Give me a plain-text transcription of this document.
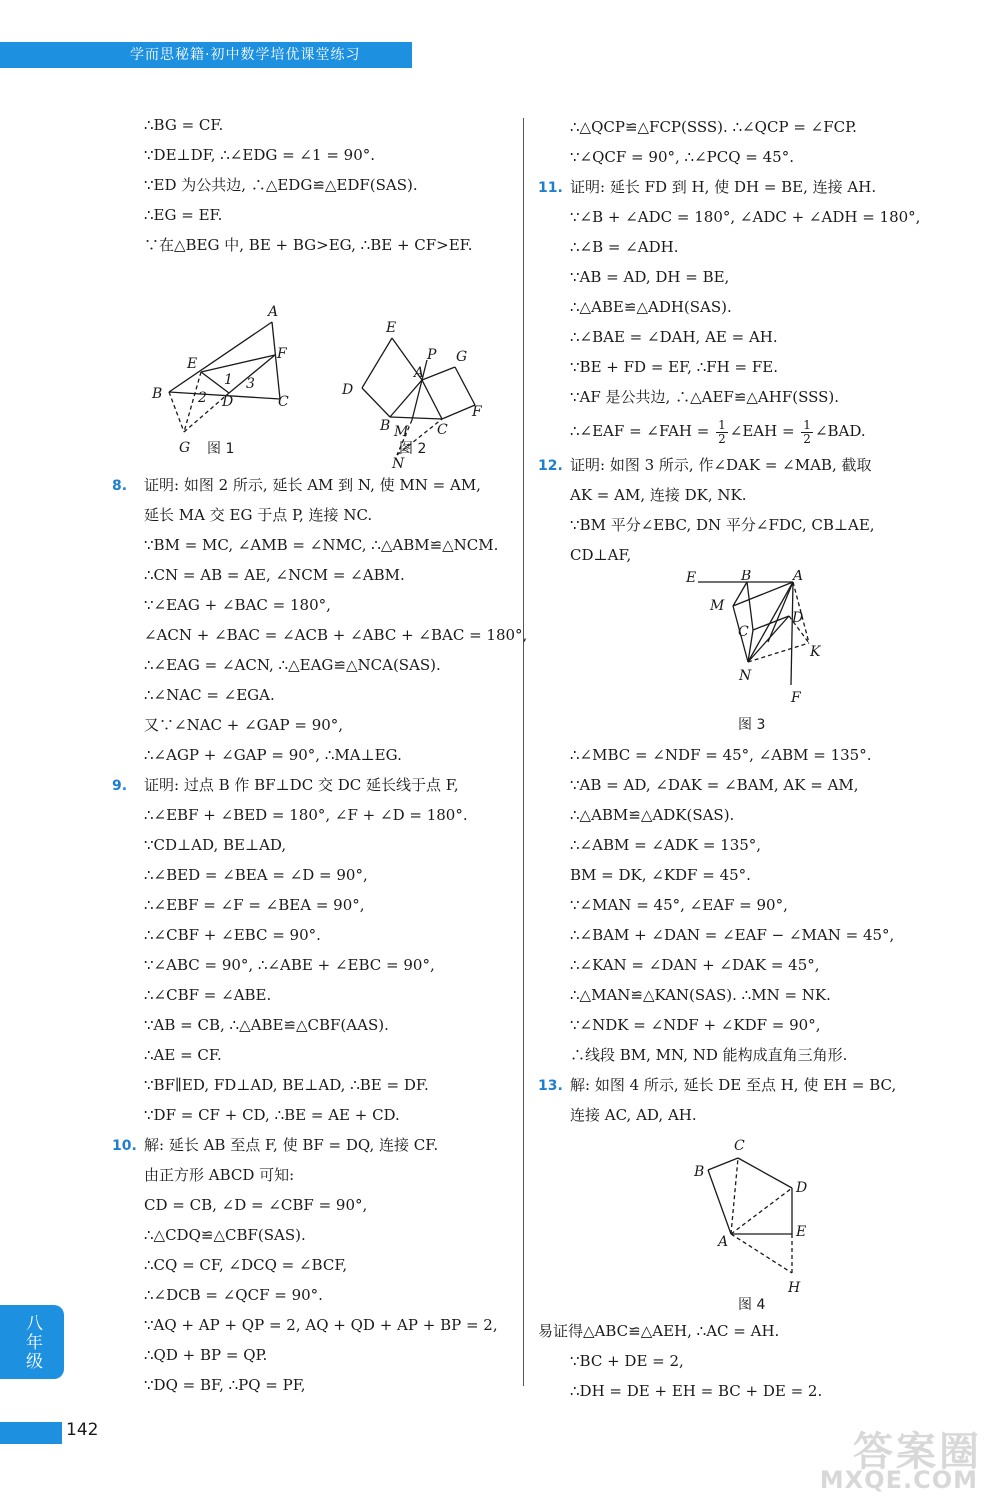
学而思秘籍·初中数学培优课堂练习
∴BG = CF.
∵DE⊥DF, ∴∠EDG = ∠1 = 90°.
∵ED 为公共边, ∴△EDG≌△EDF(SAS).
∴EG = EF.
∵在△BEG 中, BE + BG>EG, ∴BE + CF>EF.
A
F
E
1
B	2 D
3
C
G
E
P
A
G
D
B M C
F
N
图 1	图 2
8. 证明: 如图 2 所示, 延长 AM 到 N, 使 MN = AM,
延长 MA 交 EG 于点 P, 连接 NC.
∵BM = MC, ∠AMB = ∠NMC, ∴△ABM≌△NCM.
∴CN = AB = AE, ∠NCM = ∠ABM.
∵∠EAG + ∠BAC = 180°,
∠ACN + ∠BAC = ∠ACB + ∠ABC + ∠BAC = 180°,
∴∠EAG = ∠ACN, ∴△EAG≌△NCA(SAS).
∴∠NAC = ∠EGA.
又∵∠NAC + ∠GAP = 90°,
∴∠AGP + ∠GAP = 90°, ∴MA⊥EG.
9. 证明: 过点 B 作 BF⊥DC 交 DC 延长线于点 F,
∴∠EBF + ∠BED = 180°, ∠F + ∠D = 180°.
∵CD⊥AD, BE⊥AD,
∴∠BED = ∠BEA = ∠D = 90°,
∴∠EBF = ∠F = ∠BEA = 90°,
∴∠CBF + ∠EBC = 90°.
∵∠ABC = 90°, ∴∠ABE + ∠EBC = 90°,
∴∠CBF = ∠ABE.
∵AB = CB, ∴△ABE≌△CBF(AAS).
∴AE = CF.
∵BF∥ED, FD⊥AD, BE⊥AD, ∴BE = DF.
∵DF = CF + CD, ∴BE = AE + CD.
10. 解: 延长 AB 至点 F, 使 BF = DQ, 连接 CF.
由正方形 ABCD 可知:
CD = CB, ∠D = ∠CBF = 90°,
∴△CDQ≌△CBF(SAS).
∴CQ = CF, ∠DCQ = ∠BCF,
∴∠DCB = ∠QCF = 90°.
∵AQ + AP + QP = 2, AQ + QD + AP + BP = 2,
∴QD + BP = QP.
∵DQ = BF, ∴PQ = PF,
∴△QCP≌△FCP(SSS). ∴∠QCP = ∠FCP.
∵∠QCF = 90°, ∴∠PCQ = 45°.
11. 证明: 延长 FD 到 H, 使 DH = BE, 连接 AH.
∵∠B + ∠ADC = 180°, ∠ADC + ∠ADH = 180°,
∴∠B = ∠ADH.
∵AB = AD, DH = BE,
∴△ABE≌△ADH(SAS).
∴∠BAE = ∠DAH, AE = AH.
∵BE + FD = EF, ∴FH = FE.
∵AF 是公共边, ∴△AEF≌△AHF(SSS).
∴∠EAF = ∠FAH = $\frac{1}{2}$ ∠EAH = $\frac{1}{2}$ ∠BAD.
12. 证明: 如图 3 所示, 作∠DAK = ∠MAB, 截取
AK = AM, 连接 DK, NK.
∵BM 平分∠EBC, DN 平分∠FDC, CB⊥AE,
CD⊥AF,
E	B	A
M
D
C
K
N
F
图 3
∴∠MBC = ∠NDF = 45°, ∠ABM = 135°.
∵AB = AD, ∠DAK = ∠BAM, AK = AM,
∴△ABM≌△ADK(SAS).
∴∠ABM = ∠ADK = 135°,
BM = DK, ∠KDF = 45°.
∵∠MAN = 45°, ∠EAF = 90°,
∴∠BAM + ∠DAN = ∠EAF − ∠MAN = 45°,
∴∠KAN = ∠DAN + ∠DAK = 45°,
∴△MAN≌△KAN(SAS). ∴MN = NK.
∵∠NDK = ∠NDF + ∠KDF = 90°,
∴线段 BM, MN, ND 能构成直角三角形.
13. 解: 如图 4 所示, 延长 DE 至点 H, 使 EH = BC,
连接 AC, AD, AH.
C
B
D
A
E
H
图 4
易证得△ABC≌△AEH, ∴AC = AH.
∵BC + DE = 2,
∴DH = DE + EH = BC + DE = 2.
八年级
142	答案圈
MXQE.COM
